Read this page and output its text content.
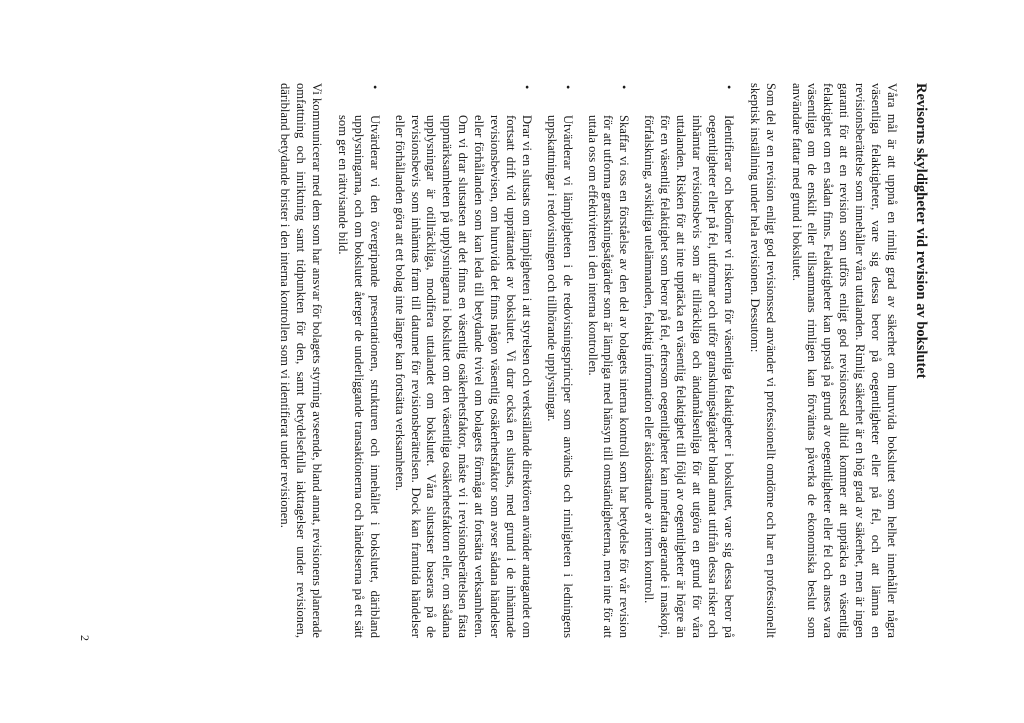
Revisorns skyldigheter vid revision av bokslutet

Våra mål är att uppnå en rimlig grad av säkerhet om huruvida bokslutet som helhet innehåller några väsentliga felaktigheter, vare sig dessa beror på oegentligheter eller på fel, och att lämna en revisionsberättelse som innehåller våra uttalanden. Rimlig säkerhet är en hög grad av säkerhet, men är ingen garanti för att en revision som utförs enligt god revisionssed alltid kommer att upptäcka en väsentlig felaktighet om en sådan finns. Felaktigheter kan uppstå på grund av oegentligheter eller fel och anses vara väsentliga om de enskilt eller tillsammans rimligen kan förväntas påverka de ekonomiska beslut som användare fattar med grund i bokslutet.

Som del av en revision enligt god revisionssed använder vi professionellt omdöme och har en professionellt skeptisk inställning under hela revisionen. Dessutom:

•
Identifierar och bedömer vi riskerna för väsentliga felaktigheter i bokslutet, vare sig dessa beror på oegentligheter eller på fel, utformar och utför granskningsåtgärder bland annat utifrån dessa risker och inhämtar revisionsbevis som är tillräckliga och ändamålsenliga för att utgöra en grund för våra uttalanden. Risken för att inte upptäcka en väsentlig felaktighet till följd av oegentligheter är högre än för en väsentlig felaktighet som beror på fel, eftersom oegentligheter kan innefatta agerande i maskopi, förfalskning, avsiktliga utelämnanden, felaktig information eller åsidosättande av intern kontroll.
•
Skaffar vi oss en förståelse av den del av bolagets interna kontroll som har betydelse för vår revision för att utforma granskningsåtgärder som är lämpliga med hänsyn till omständigheterna, men inte för att uttala oss om effektiviteten i den interna kontrollen.
•
Utvärderar vi lämpligheten i de redovisningsprinciper som används och rimligheten i ledningens uppskattningar i redovisningen och tillhörande upplysningar.
•
Drar vi en slutsats om lämpligheten i att styrelsen och verkställande direktören använder antagandet om fortsatt drift vid upprättandet av bokslutet. Vi drar också en slutsats, med grund i de inhämtade revisionsbevisen, om huruvida det finns någon väsentlig osäkerhetsfaktor som avser sådana händelser eller förhållanden som kan leda till betydande tvivel om bolagets förmåga att fortsätta verksamheten. Om vi drar slutsatsen att det finns en väsentlig osäkerhetsfaktor, måste vi i revisionsberättelsen fästa uppmärksamheten på upplysningarna i bokslutet om den väsentliga osäkerhetsfaktorn eller, om sådana upplysningar är otillräckliga, modifiera uttalandet om bokslutet. Våra slutsatser baseras på de revisionsbevis som inhämtas fram till datumet för revisionsberättelsen. Dock kan framtida händelser eller förhållanden göra att ett bolag inte längre kan fortsätta verksamheten.
•
Utvärderar vi den övergripande presentationen, strukturen och innehållet i bokslutet, däribland upplysningarna, och om bokslutet återger de underliggande transaktionerna och händelserna på ett sätt som ger en rättvisande bild.

Vi kommunicerar med dem som har ansvar för bolagets styrning avseende, bland annat, revisionens planerade omfattning och inriktning samt tidpunkten för den, samt betydelsefulla iakttagelser under revisionen, däribland betydande brister i den interna kontrollen som vi identifierat under revisionen.

2
